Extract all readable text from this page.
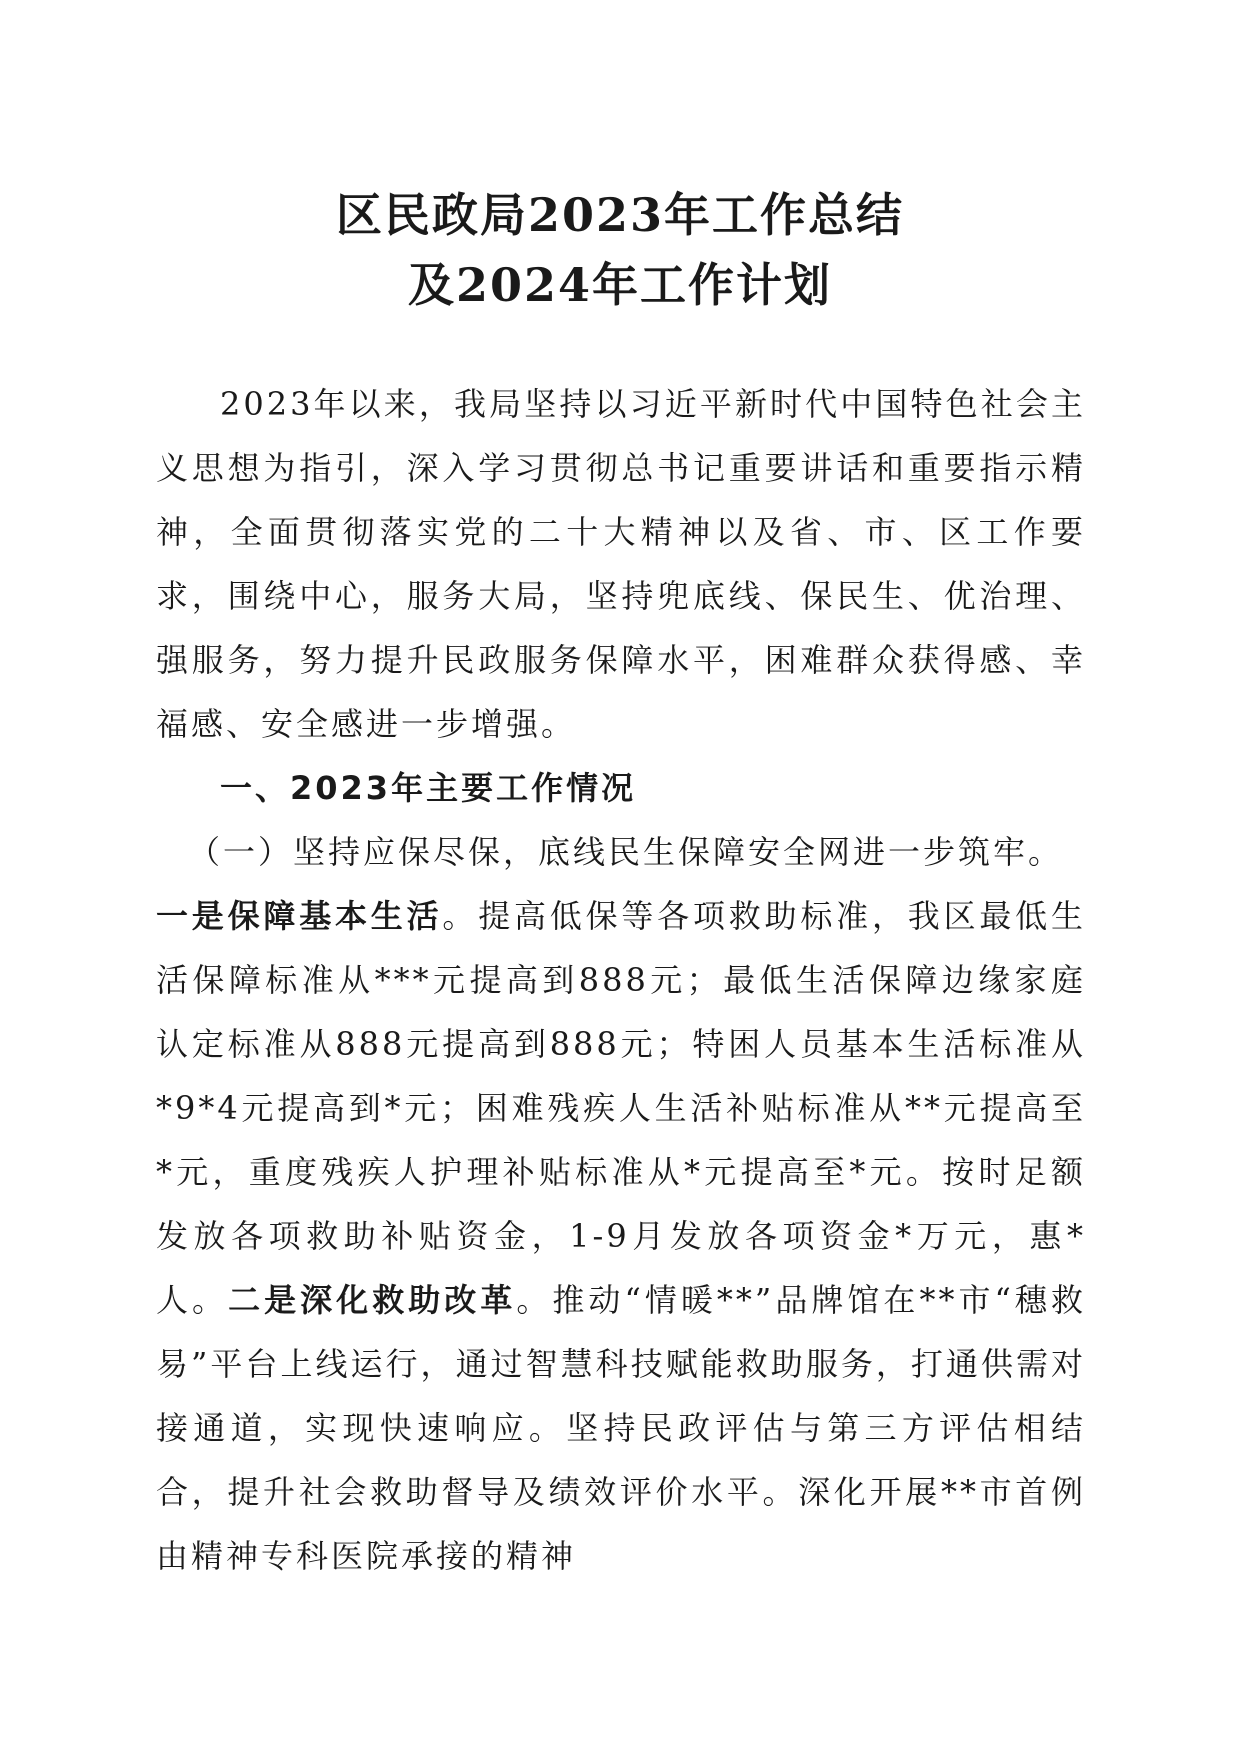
区民政局2023年工作总结
及2024年工作计划

2023年以来，我局坚持以习近平新时代中国特色社会主义思想为指引，深入学习贯彻总书记重要讲话和重要指示精神，全面贯彻落实党的二十大精神以及省、市、区工作要求，围绕中心，服务大局，坚持兜底线、保民生、优治理、强服务，努力提升民政服务保障水平，困难群众获得感、幸福感、安全感进一步增强。

一、2023年主要工作情况

（一）坚持应保尽保，底线民生保障安全网进一步筑牢。

一是保障基本生活。提高低保等各项救助标准，我区最低生活保障标准从***元提高到888元；最低生活保障边缘家庭认定标准从888元提高到888元；特困人员基本生活标准从*9*4元提高到*元；困难残疾人生活补贴标准从**元提高至*元，重度残疾人护理补贴标准从*元提高至*元。按时足额发放各项救助补贴资金，1-9月发放各项资金*万元，惠*人。二是深化救助改革。推动“情暖**”品牌馆在**市“穗救易”平台上线运行，通过智慧科技赋能救助服务，打通供需对接通道，实现快速响应。坚持民政评估与第三方评估相结合，提升社会救助督导及绩效评价水平。深化开展**市首例由精神专科医院承接的精神
